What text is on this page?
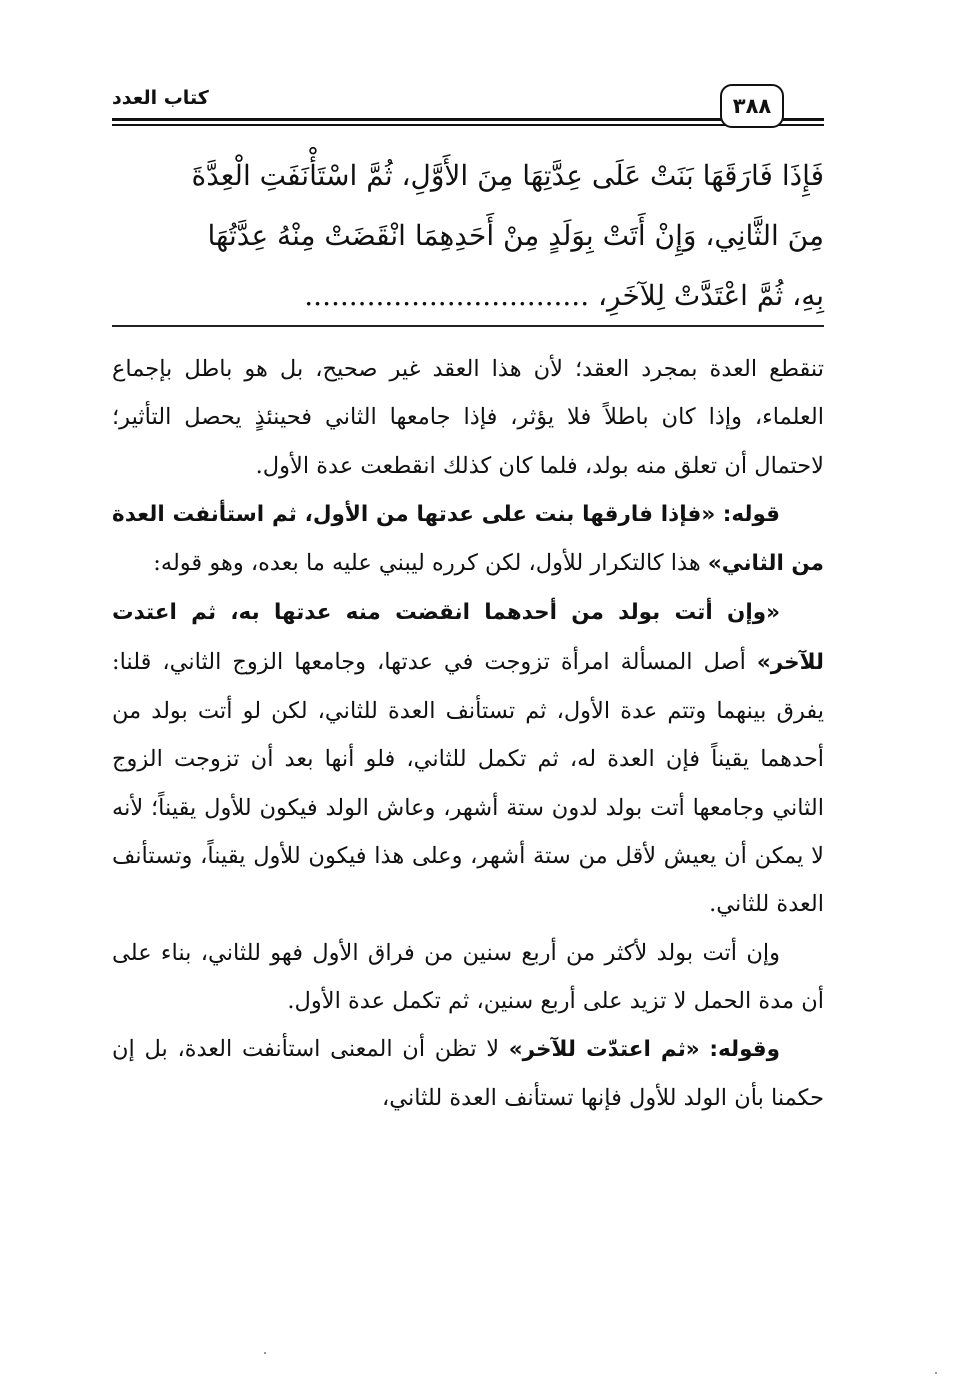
كتاب العدد	٣٨٨

فَإِذَا فَارَقَهَا بَنَتْ عَلَى عِدَّتِهَا مِنَ الأَوَّلِ، ثُمَّ اسْتَأْنَفَتِ الْعِدَّةَ

مِنَ الثَّانِي، وَإِنْ أَتَتْ بِوَلَدٍ مِنْ أَحَدِهِمَا انْقَضَتْ مِنْهُ عِدَّتُهَا

بِهِ، ثُمَّ اعْتَدَّتْ لِلآخَرِ، ................................

تنقطع العدة بمجرد العقد؛ لأن هذا العقد غير صحيح، بل هو باطل بإجماع العلماء، وإذا كان باطلاً فلا يؤثر، فإذا جامعها الثاني فحينئذٍ يحصل التأثير؛ لاحتمال أن تعلق منه بولد، فلما كان كذلك انقطعت عدة الأول.

قوله: «فإذا فارقها بنت على عدتها من الأول، ثم استأنفت العدة من الثاني» هذا كالتكرار للأول، لكن كرره ليبني عليه ما بعده، وهو قوله:

«وإن أتت بولد من أحدهما انقضت منه عدتها به، ثم اعتدت للآخر» أصل المسألة امرأة تزوجت في عدتها، وجامعها الزوج الثاني، قلنا: يفرق بينهما وتتم عدة الأول، ثم تستأنف العدة للثاني، لكن لو أتت بولد من أحدهما يقيناً فإن العدة له، ثم تكمل للثاني، فلو أنها بعد أن تزوجت الزوج الثاني وجامعها أتت بولد لدون ستة أشهر، وعاش الولد فيكون للأول يقيناً؛ لأنه لا يمكن أن يعيش لأقل من ستة أشهر، وعلى هذا فيكون للأول يقيناً، وتستأنف العدة للثاني.

وإن أتت بولد لأكثر من أربع سنين من فراق الأول فهو للثاني، بناء على أن مدة الحمل لا تزيد على أربع سنين، ثم تكمل عدة الأول.

وقوله: «ثم اعتدّت للآخر» لا تظن أن المعنى استأنفت العدة، بل إن حكمنا بأن الولد للأول فإنها تستأنف العدة للثاني،
